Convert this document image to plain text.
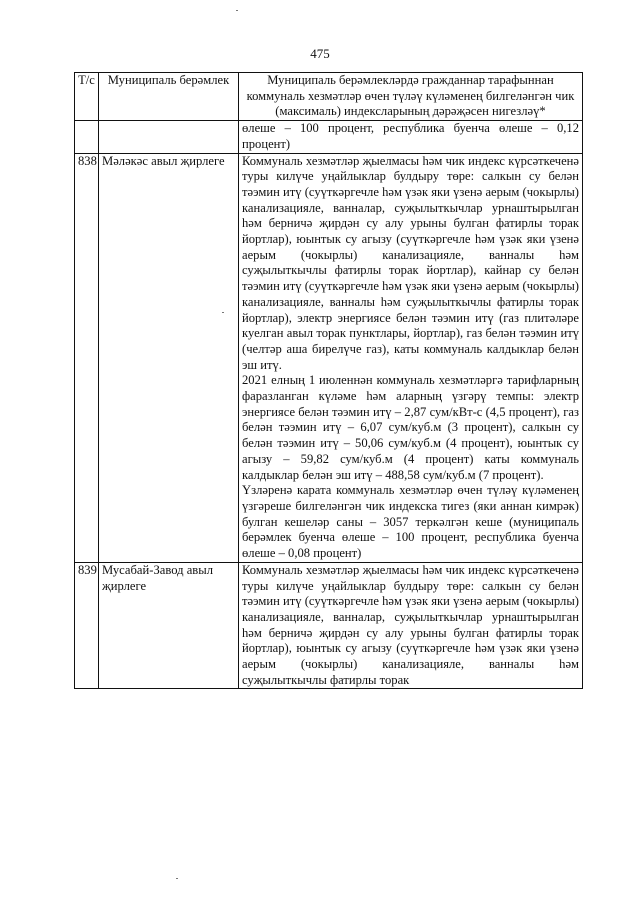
475
Т/с	Муниципаль берәмлек	Муниципаль берәмлекләрдә гражданнар тарафыннан коммуналь хезмәтләр өчен түләү күләменең билгеләнгән чик (максималь) индексларының дәрәҗәсен нигезләү*
		өлеше – 100 процент, республика буенча өлеше – 0,12 процент)
838	Мәләкәс авыл җирлеге	Коммуналь хезмәтләр җыелмасы һәм чик индекс күрсәткеченә туры килүче уңайлыклар булдыру төре: салкын су белән тәэмин итү (суүткәргечле һәм үзәк яки үзенә аерым (чокырлы) канализацияле, ванналар, суҗылыткычлар урнаштырылган һәм берничә җирдән су алу урыны булган фатирлы торак йортлар), юынтык су агызу (суүткәргечле һәм үзәк яки үзенә аерым (чокырлы) канализацияле, ванналы һәм суҗылыткычлы фатирлы торак йортлар), кайнар су белән тәэмин итү (суүткәргечле һәм үзәк яки үзенә аерым (чокырлы) канализацияле, ванналы һәм суҗылыткычлы фатирлы торак йортлар), электр энергиясе белән тәэмин итү (газ плитәләре куелган авыл торак пунктлары, йортлар), газ белән тәэмин итү (челтәр аша бирелүче газ), каты коммуналь калдыклар белән эш итү.

2021 елның 1 июленнән коммуналь хезмәтләргә тарифларның фаразланган күләме һәм аларның үзгәрү темпы: электр энергиясе белән тәэмин итү – 2,87 сум/кВт-с (4,5 процент), газ белән тәэмин итү – 6,07 сум/куб.м (3 процент), салкын су белән тәэмин итү – 50,06 сум/куб.м (4 процент), юынтык су агызу – 59,82 сум/куб.м (4 процент) каты коммуналь калдыклар белән эш итү – 488,58 сум/куб.м (7 процент).

Үзләренә карата коммуналь хезмәтләр өчен түләү күләменең үзгәреше билгеләнгән чик индекска тигез (яки аннан кимрәк) булган кешеләр саны – 3057 теркәлгән кеше (муниципаль берәмлек буенча өлеше – 100 процент, республика буенча өлеше – 0,08 процент)

839	Мусабай-Завод авыл җирлеге	Коммуналь хезмәтләр җыелмасы һәм чик индекс күрсәткеченә туры килүче уңайлыклар булдыру төре: салкын су белән тәэмин итү (суүткәргечле һәм үзәк яки үзенә аерым (чокырлы) канализацияле, ванналар, суҗылыткычлар урнаштырылган һәм берничә җирдән су алу урыны булган фатирлы торак йортлар), юынтык су агызу (суүткәргечле һәм үзәк яки үзенә аерым (чокырлы) канализацияле, ванналы һәм суҗылыткычлы фатирлы торак
